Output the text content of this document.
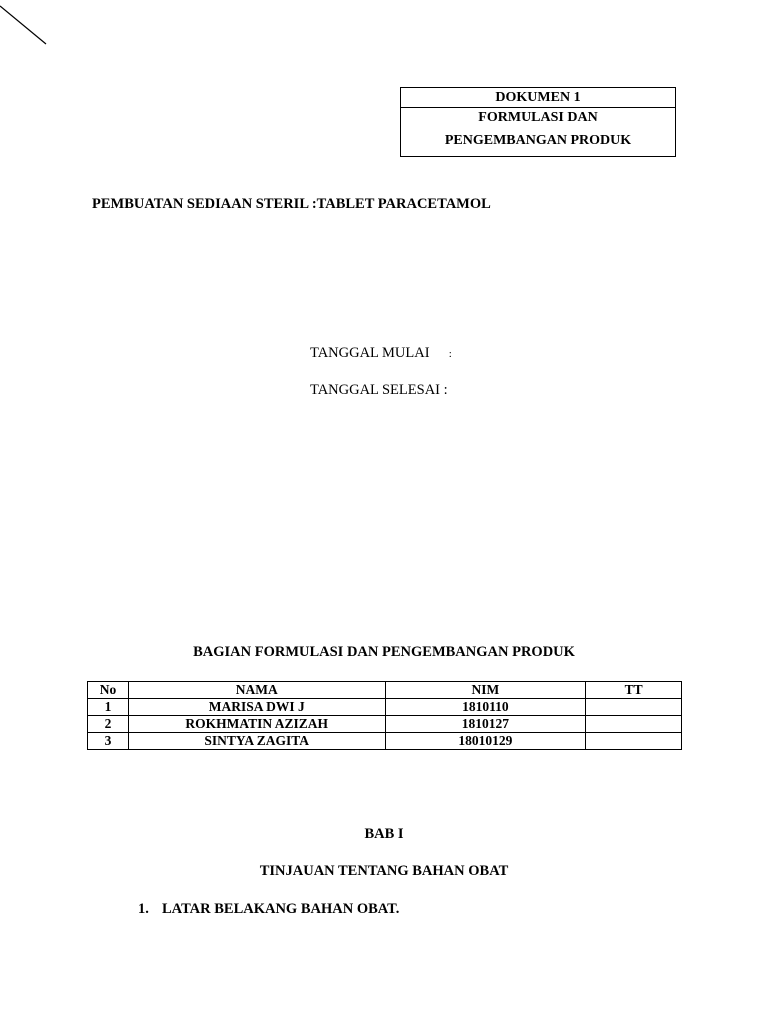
DOKUMEN 1
FORMULASI DAN
PENGEMBANGAN PRODUK
PEMBUATAN SEDIAAN STERIL :TABLET PARACETAMOL
TANGGAL MULAI :
TANGGAL SELESAI :
BAGIAN FORMULASI DAN PENGEMBANGAN PRODUK
No	NAMA	NIM	TT
1	MARISA DWI J	1810110	
2	ROKHMATIN AZIZAH	1810127	
3	SINTYA ZAGITA	18010129	
BAB I
TINJAUAN TENTANG BAHAN OBAT
1. LATAR BELAKANG BAHAN OBAT.
